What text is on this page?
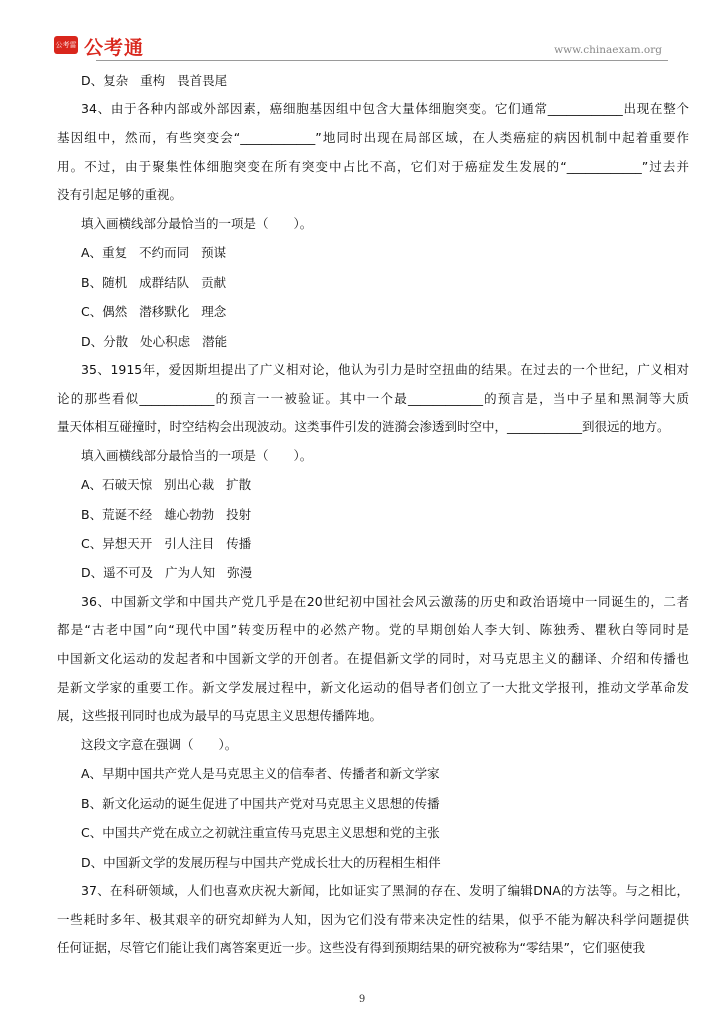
公考雷 公考通	www.chinaexam.org
D、复杂 重构 畏首畏尾
34、由于各种内部或外部因素，癌细胞基因组中包含大量体细胞突变。它们通常____________出现在整个
基因组中，然而，有些突变会“____________”地同时出现在局部区域，在人类癌症的病因机制中起着重要作
用。不过，由于聚集性体细胞突变在所有突变中占比不高，它们对于癌症发生发展的“____________”过去并
没有引起足够的重视。
填入画横线部分最恰当的一项是（　　）。
A、重复 不约而同 预谋
B、随机 成群结队 贡献
C、偶然 潜移默化 理念
D、分散 处心积虑 潜能
35、1915年，爱因斯坦提出了广义相对论，他认为引力是时空扭曲的结果。在过去的一个世纪，广义相对
论的那些看似____________的预言一一被验证。其中一个最____________的预言是，当中子星和黑洞等大质
量天体相互碰撞时，时空结构会出现波动。这类事件引发的涟漪会渗透到时空中，____________到很远的地方。
填入画横线部分最恰当的一项是（　　）。
A、石破天惊 别出心裁 扩散
B、荒诞不经 雄心勃勃 投射
C、异想天开 引人注目 传播
D、遥不可及 广为人知 弥漫
36、中国新文学和中国共产党几乎是在20世纪初中国社会风云激荡的历史和政治语境中一同诞生的，二者
都是“古老中国”向“现代中国”转变历程中的必然产物。党的早期创始人李大钊、陈独秀、瞿秋白等同时是
中国新文化运动的发起者和中国新文学的开创者。在提倡新文学的同时，对马克思主义的翻译、介绍和传播也
是新文学家的重要工作。新文学发展过程中，新文化运动的倡导者们创立了一大批文学报刊，推动文学革命发
展，这些报刊同时也成为最早的马克思主义思想传播阵地。
这段文字意在强调（　　）。
A、早期中国共产党人是马克思主义的信奉者、传播者和新文学家
B、新文化运动的诞生促进了中国共产党对马克思主义思想的传播
C、中国共产党在成立之初就注重宣传马克思主义思想和党的主张
D、中国新文学的发展历程与中国共产党成长壮大的历程相生相伴
37、在科研领域，人们也喜欢庆祝大新闻，比如证实了黑洞的存在、发明了编辑DNA的方法等。与之相比，
一些耗时多年、极其艰辛的研究却鲜为人知，因为它们没有带来决定性的结果，似乎不能为解决科学问题提供
任何证据，尽管它们能让我们离答案更近一步。这些没有得到预期结果的研究被称为“零结果”，它们驱使我
9
